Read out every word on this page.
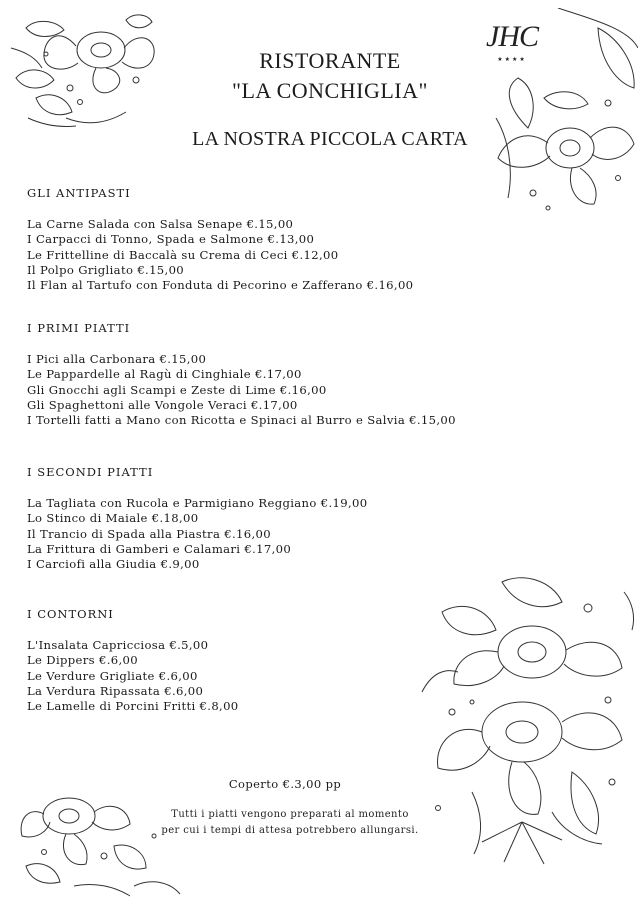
JHC
★★★★
RISTORANTE
"LA CONCHIGLIA"
LA NOSTRA PICCOLA CARTA
GLI ANTIPASTI
La Carne Salada con Salsa Senape €.15,00
I Carpacci di Tonno, Spada e Salmone €.13,00
Le Frittelline di Baccalà su Crema di Ceci €.12,00
Il Polpo Grigliato €.15,00
Il Flan al Tartufo con Fonduta di Pecorino e Zafferano €.16,00
I PRIMI PIATTI
I Pici alla Carbonara €.15,00
Le Pappardelle al Ragù di Cinghiale €.17,00
Gli Gnocchi agli Scampi e Zeste di Lime €.16,00
Gli Spaghettoni alle Vongole Veraci €.17,00
I Tortelli fatti a Mano con Ricotta e Spinaci al Burro e Salvia €.15,00
I SECONDI PIATTI
La Tagliata con Rucola e Parmigiano Reggiano €.19,00
Lo Stinco di Maiale €.18,00
Il Trancio di Spada alla Piastra €.16,00
La Frittura di Gamberi e Calamari €.17,00
I Carciofi alla Giudia €.9,00
I CONTORNI
L'Insalata Capricciosa €.5,00
Le Dippers €.6,00
Le Verdure Grigliate €.6,00
La Verdura Ripassata €.6,00
Le Lamelle di Porcini Fritti €.8,00
Coperto €.3,00 pp
Tutti i piatti vengono preparati al momento
per cui i tempi di attesa potrebbero allungarsi.
